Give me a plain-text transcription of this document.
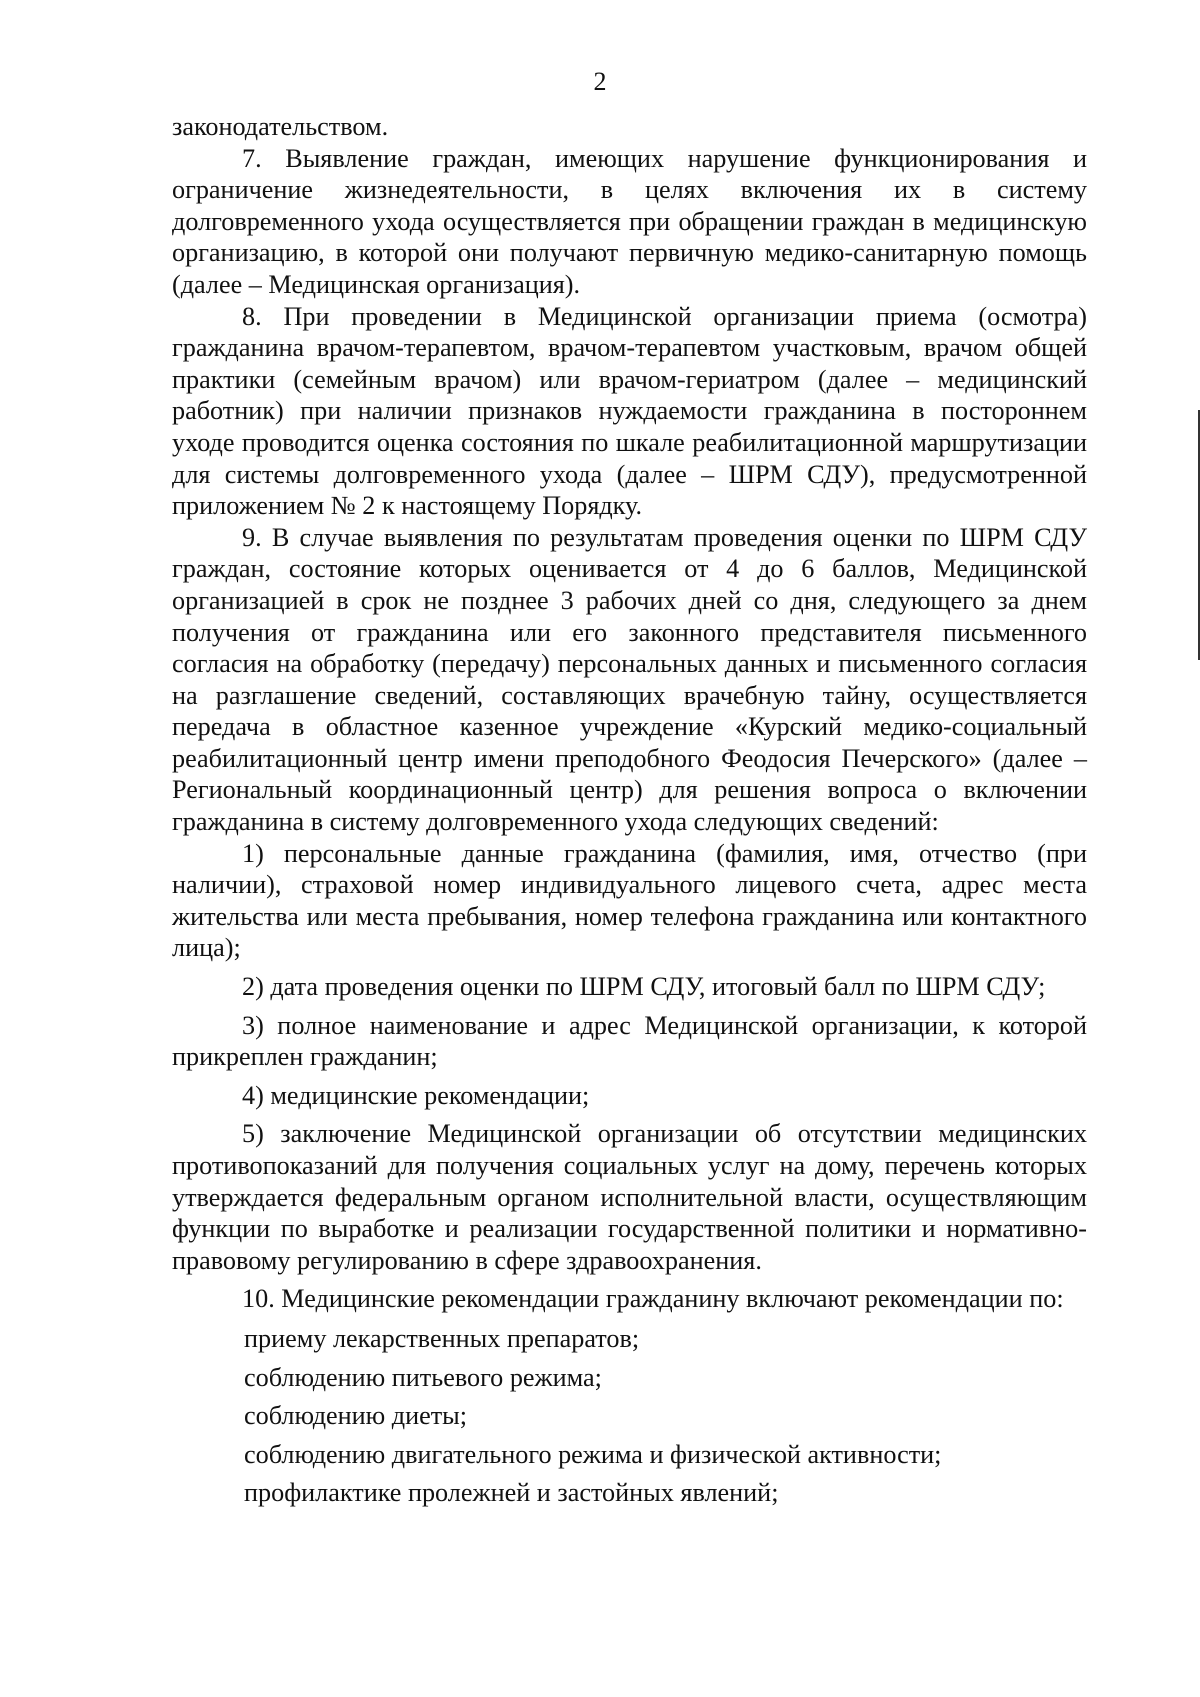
2

законодательством.

7. Выявление граждан, имеющих нарушение функционирования и ограничение жизнедеятельности, в целях включения их в систему долговременного ухода осуществляется при обращении граждан в медицинскую организацию, в которой они получают первичную медико-санитарную помощь (далее – Медицинская организация).

8. При проведении в Медицинской организации приема (осмотра) гражданина врачом-терапевтом, врачом-терапевтом участковым, врачом общей практики (семейным врачом) или врачом-гериатром (далее – медицинский работник) при наличии признаков нуждаемости гражданина в постороннем уходе проводится оценка состояния по шкале реабилитационной маршрутизации для системы долговременного ухода (далее – ШРМ СДУ), предусмотренной приложением № 2 к настоящему Порядку.

9. В случае выявления по результатам проведения оценки по ШРМ СДУ граждан, состояние которых оценивается от 4 до 6 баллов, Медицинской организацией в срок не позднее 3 рабочих дней со дня, следующего за днем получения от гражданина или его законного представителя письменного согласия на обработку (передачу) персональных данных и письменного согласия на разглашение сведений, составляющих врачебную тайну, осуществляется передача в областное казенное учреждение «Курский медико-социальный реабилитационный центр имени преподобного Феодосия Печерского» (далее – Региональный координационный центр) для решения вопроса о включении гражданина в систему долговременного ухода следующих сведений:

1) персональные данные гражданина (фамилия, имя, отчество (при наличии), страховой номер индивидуального лицевого счета, адрес места жительства или места пребывания, номер телефона гражданина или контактного лица);

2) дата проведения оценки по ШРМ СДУ, итоговый балл по ШРМ СДУ;

3) полное наименование и адрес Медицинской организации, к которой прикреплен гражданин;

4) медицинские рекомендации;

5) заключение Медицинской организации об отсутствии медицинских противопоказаний для получения социальных услуг на дому, перечень которых утверждается федеральным органом исполнительной власти, осуществляющим функции по выработке и реализации государственной политики и нормативно-правовому регулированию в сфере здравоохранения.

10. Медицинские рекомендации гражданину включают рекомендации по:

приему лекарственных препаратов;
соблюдению питьевого режима;
соблюдению диеты;
соблюдению двигательного режима и физической активности;
профилактике пролежней и застойных явлений;
